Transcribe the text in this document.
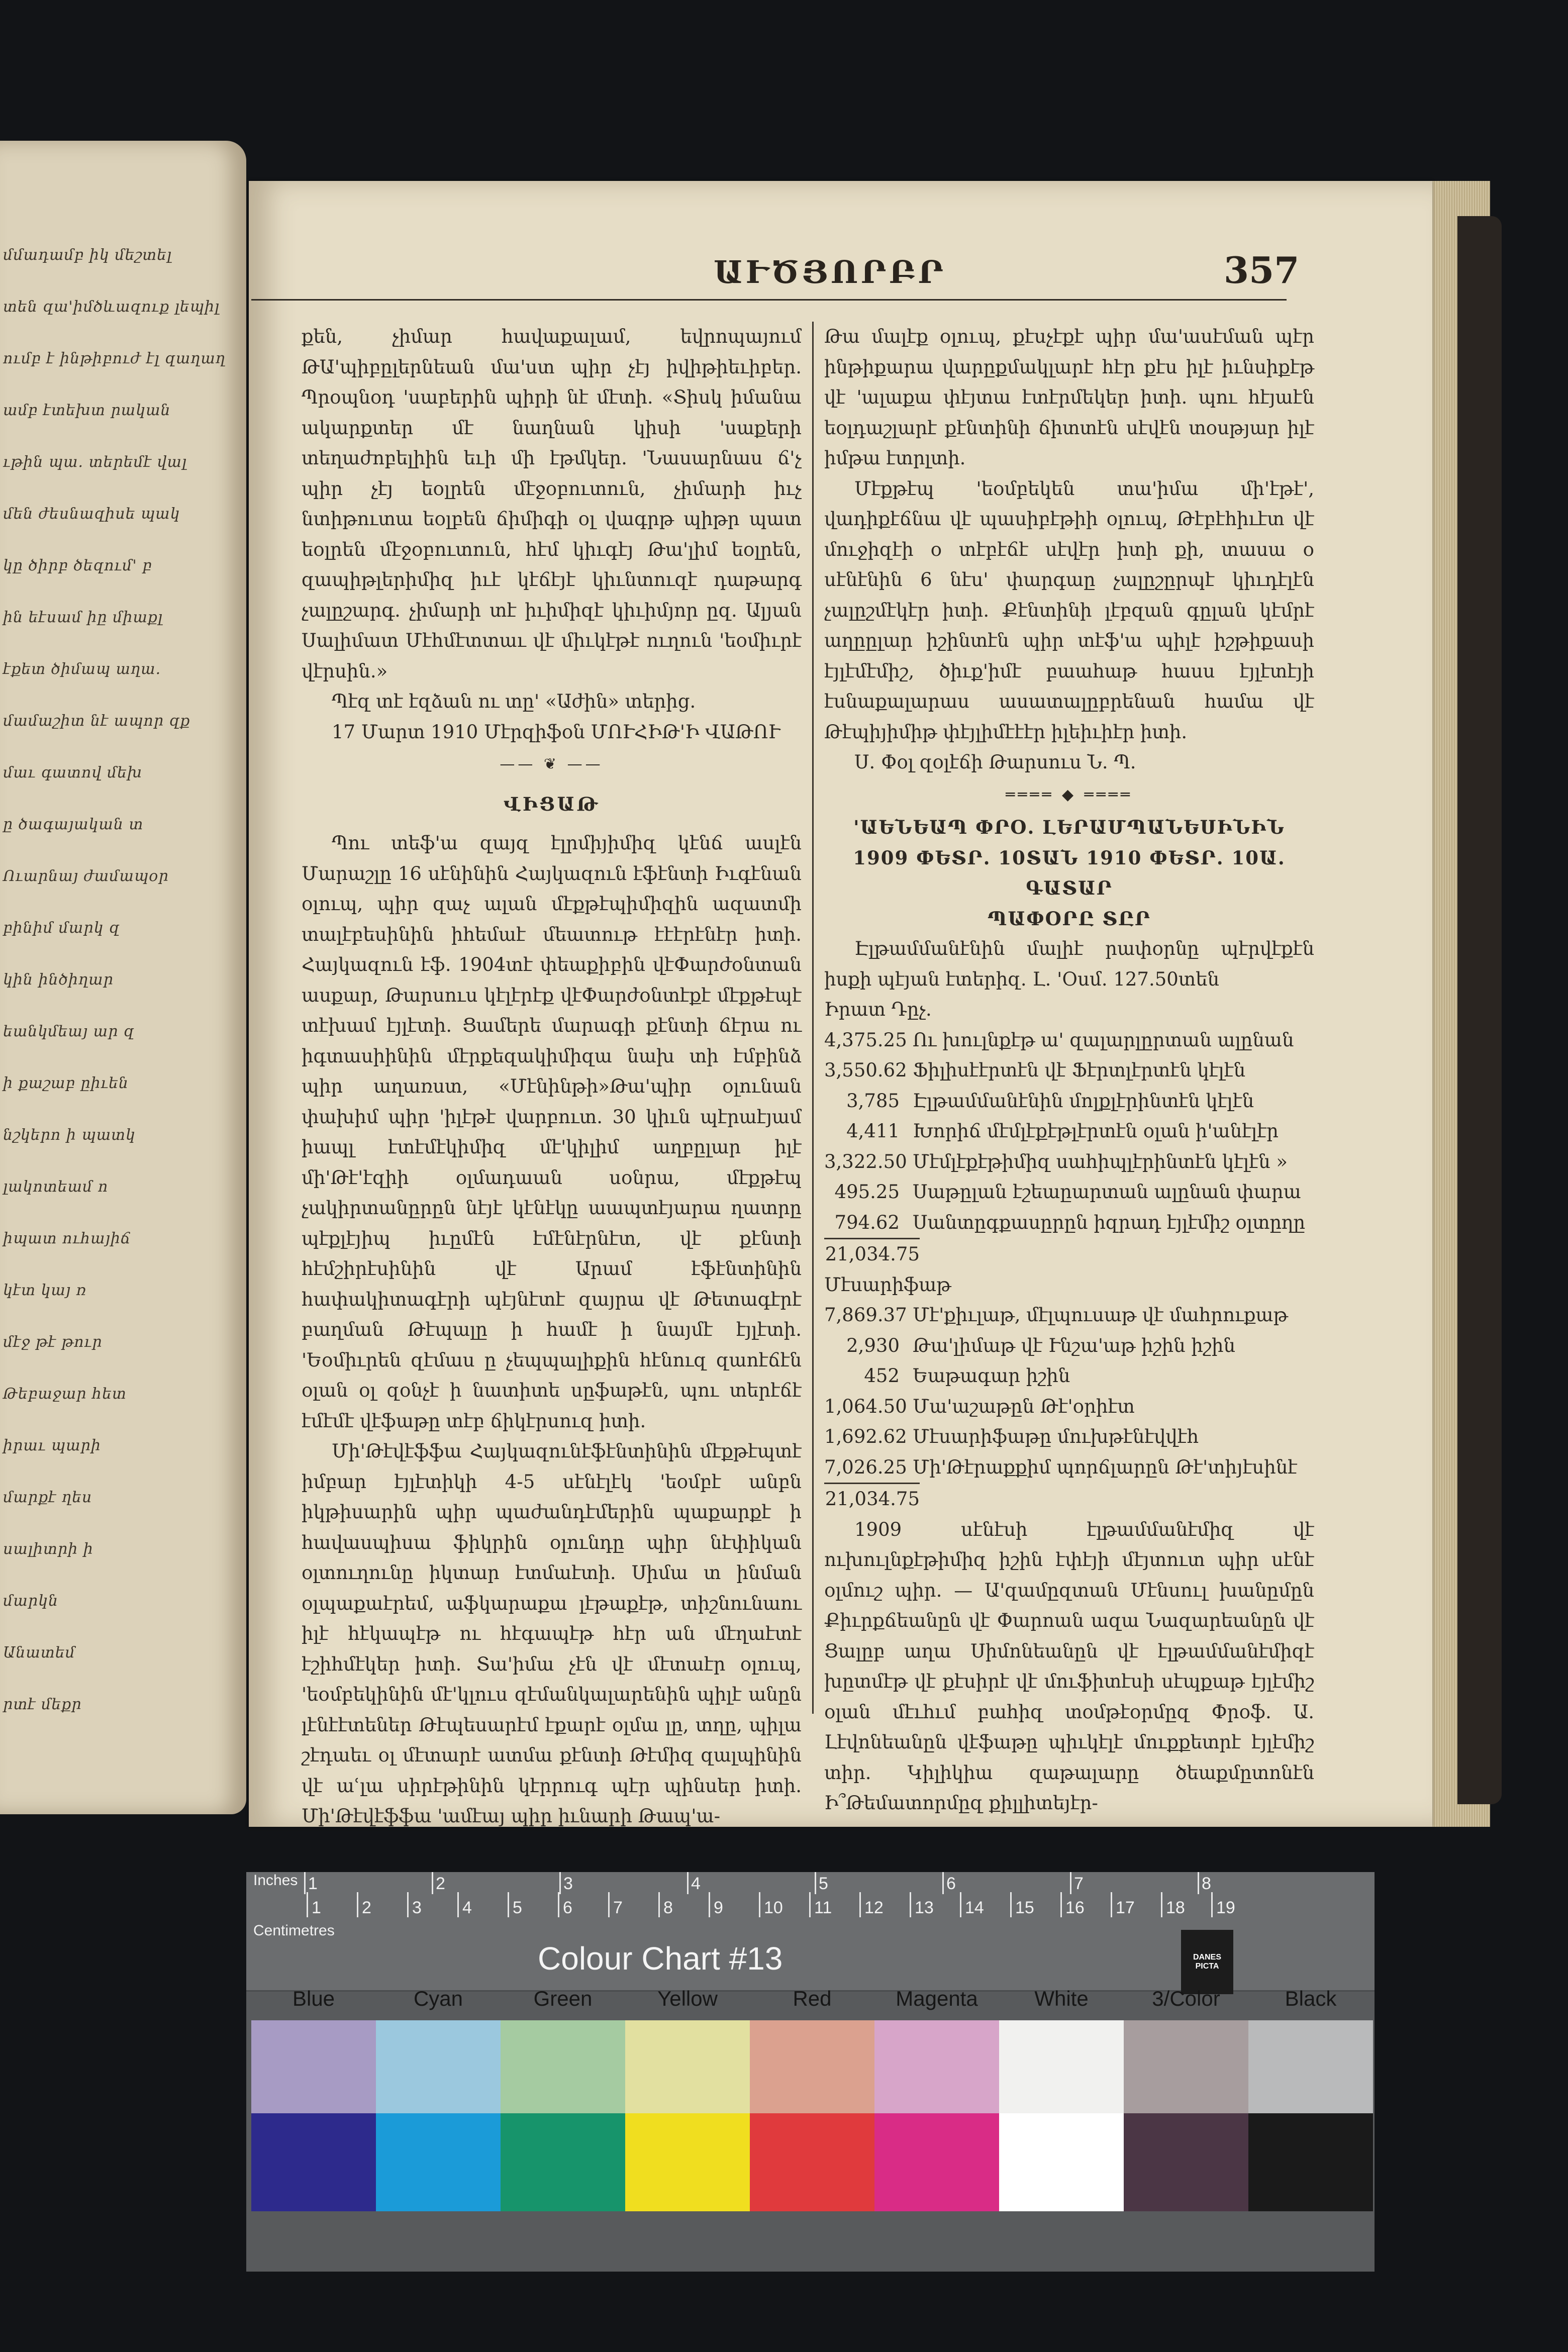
մմադամբ իկ մեշտել
տեն զա'իմծևազուք լեպիլ
ումբ է ինթիբուժ էլ զաղաղ
ամբ էտեխտ րական
ւթին պա. տերեմէ վալ
մեն ժեսնազիսե պակ
կը ծիրբ ծեզում' բ
ին եէսամ իը միաքլ
էքետ ծիմապ աղա.
մամաշիտ նէ ապոր զք
մաւ գատով մեխ
ը ծագայական տ
Ուարնայ ժամապօր
բինիմ մարկ զ
կին ինծիղար
եանկմեայ ար զ
ի քաշաբ ըիւեն
նշկերո ի պատկ
լակոտեամ ո
իպատ ուհայիճ
կէտ կայ ռ
մէջ թէ թուր
Թեբաջար հետ
իրաւ պարի
մարքէ ղես
սալիտրի ի
մարկն
Անատեմ
րտէ մեքր
ԱՒԾՅՈՐԲՐ	357

քեն, չիմար հավաքալամ, եվրոպայում ԹԱ'պիբըլերնեան մա'ստ պիր չէյ իվիթիեւիբեր. Պրօպնօդ 'սաբերին պիրի նէ մէտի. «Տիսկ իմանա ակարքտեր մէ նաղնան կիսի 'սաքերի տեղաժոբելիին եւի մի էթմկեր. 'Նասարնաս ճ'չ պիր չէյ եօլրեն մէջօբուտուն, չիմարի իւչ նտիթուտա եօլբեն ճիմիգի օլ վագրթ պիթր պատ եօլրեն մէջօբուտուն, հէմ կիւգէյ Թա'լիմ եօլրեն, զապիթլերիմիզ իւէ կէճէյէ կիւնտուզէ դաթարգ չալըշարգ. չիմարի տէ իւիմիզէ կիւիմյոր ըզ. Ալյան Սալիմատ Մէհմէտտաւ վէ միւկէթէ ուղուն 'եօմիւրէ վէրսին.»

Պէզ տէ էզձան ու տը' «Աժին» տերից.

17 Մարտ 1910 Մէրզիֆօն ՄՈՒՀԻԹ'Ի ՎԱԹՈՒ

—— ❦ ——
ՎԻՑԱԹ

Պու տեֆ'ա զայզ էլրմիյիմիզ կէնճ ասլէն Մարաշլը 16 սէնինին Հայկազուն էֆէնտի Իւգէնան օլուպ, պիր զաչ ալան մէքթէպիմիզին ազատմի տալէբեսինին իհեմաէ մեատութ էէէրէնէր իտի. Հայկազուն էֆ. 1904տէ փեաքիբին վէՓարժօնտան ասքար, Թարսուս կէլէրէք վէՓարժօնտէքէ մէքթէպէ տէխամ էյլէտի. Ցամերե մարագի քէնտի ճէրա ու իգտասիինին մէրքեզակիմիզա նախ տի էմբինձ պիր աղառստ, «Մէնինթի»Թա'պիր օլունան փախիմ պիր 'իլէթէ վարբուտ. 30 կիւն պէրաէյամ իապլ էտէմէկիմիզ մէ'կիլիմ աղբըլար իլէ մի'Թէ'էզիի օլմադաան սօնրա, մէքթէպ չակիրտանըրըն նէյէ կէնէկը աապտէյարա ղատրը պէքլէյիպ իւըմէն էմէնէրնէտ, վէ քէնտի հէմշիրէսինին վէ Արամ էֆէնտինին հափակիտագէրի պէյնէտէ զայրա վէ Թետագէրէ բաղման Թէպալը ի համէ ի նայմէ էյլէտի. 'Եօմիւրեն զէմաս ը չեպպալիքին հէնուզ զաոէճէն օլան օլ զօնչէ ի նատիտե սըֆաթէն, պու տերէճէ էմէմէ վէֆաթը տէբ ճիկէրսուզ իտի.

Մի'Թէվէֆֆա Հայկազունէֆէնտինին մէքթէպտէ իմբար էյլէտիկի 4-5 սէնէլէկ 'եօմբէ անբն իկթիսարին պիր պաժանդէմերին պաքարքէ ի հավասպիսա ֆիկրին օլունդը պիր նէփիկան օլտուղունը իկտար էտմաէտի. Սիմա տ ինման օլպաքաէրեմ, աֆկարաքա լէթաքէթ, տիշնունաու իլէ հէկապէթ ու հէգապէթ հէր ան մէղաէտէ էշիհմէկեր իտի. Տա'իմա չէն վէ մէտաէր օլուպ, 'եօմբեկինին մէ'կլուս զէմանկալարենին պիլէ անըն լէնէէտեներ Թէպեսարէմ էքարէ օլմա լը, տղը, պիլա շէդաեւ օլ մէտարէ ատմա քէնտի Թէմիզ զալպինին վէ աՙլա սիրէթինին կէրրուգ պէր պինսեր իտի. Մի'Թէվէֆֆա 'ամէայ պիր իւնարի Թապ'ա-

Թա մալէք օլուպ, քէսչէքէ պիր մա'ասէման պէր ինթիքարա վարըքմակլարէ հէր քէս իլէ իւնսիքէթ վէ 'ալաքա փէյտա էտէրմեկեր իտի. պու հէյաէն եօլդաշլարէ քէնտինի ճիտտէն սէվէն տօսթյար իլէ իմթա էտրլտի.

Մէքթէպ 'եօմբեկեն տա'իմա մի'էթէ', վադիքէճնա վէ պասիբէթիի օլուպ, Թէբէհիւէտ վէ մուջիզէի օ տէբէճէ սէվէր իտի քի, տասա օ սէնէնին 6 նէս' փարգաը չալըշըրպէ կիւդէլէն չալըշմէկէր իտի. Քէնտինի լէբզան գըլան կէմրէ աղըըլար իշինտէն պիր տէֆ'ա պիլէ իշթիքասի էյլէմէմիշ, ծիւք'իմէ բաահաթ հասս էյլէտէյի էսնաքալարաս ասատալըբրենան համա վէ Թէպիյիմիթ փէյլիմէէէր իլեիւիէր իտի.

Ս. Փօլ զօլէճի Թարսուս Ն. Պ.

════ ◆ ════
'ԱԵՆԵԱՊ ՓՐՕ. ԼԵՐԱՄՊԱՆԵՍԻՆԻՆ
1909 ՓԵՏՐ. 10ՏԱՆ 1910 ՓԵՏՐ. 10Ա. ԳԱՏԱՐ
ՊԱՓՕՐԸ ՏԸՐ

Էլթամմանէնին մալիէ րափօրնը պէրվէքէն իսքի պէյան էտերիզ. Լ. 'Օսմ. 127.50տեն

Իրատ Դըչ.

4,375.25 Ու խուլնքէթ ա' զալարլըրտան ալընան
3,550.62 Ֆիլիսէէրտէն վէ Ֆէրտլէրտէն կէլէն
3,785 Էլթամմանէնին մոլքլէրինտէն կէլէն
4,411 Խորիճ մէմլէքէթլէրտէն օլան ի'անէլէր
3,322.50 Մէմլէքէթիմիզ սահիպլէրինտէն կէլէն »
495.25 Սաթըլան էշեաըարտան ալընան փարա
794.62 Սանտըգքասըրըն իզրադ էյլէմիշ օլտըղը
21,034.75

Մէսարիֆաթ

7,869.37 Մէ'քիւլաթ, մէլպուսաթ վէ մահրուքաթ
2,930 Թա'լիմաթ վէ Ւնշա'աթ իշին իշին
452 Եաթագար իշին
1,064.50 Մա'աշաթըն Թէ'օրիէտ
1,692.62 Մէսարիֆաթը մուխթէնէվվէհ
7,026.25 Մի'Թէրաքքիմ պորճլարըն Թէ'տիյէսինէ
21,034.75

1909 սէնէսի էլթամմանէմիզ վէ ուխուլնքէթիմիզ իշին էփէյի մէյտուտ պիր սէնէ օլմուշ պիր. — Ա'զամըզտան Մէնսուլ խանըմըն Քիւրքճեանըն վէ Փարոան ազա Նազարեանըն վէ Ցալըբ աղա Սիմոնեանըն վէ էլթամմանէմիզէ խըտմէթ վէ քէսիրէ վէ մուֆիտէսի սէպքաթ էյլէմիշ օլան մէւհւմ բահիզ տօմթէօրմըզ Փրօֆ. Ա. Լէվոնեանըն վէֆաթը պիւկէլէ մուքքետրէ էյլէմիշ տիր. Կիլիկիա զաթալարը ծեաքմըտոնէն Ի՞Թեմատորմըզ քիլլիտեյէր-

Inches
Centimetres
1	2	3	4	5	6	7	8
1 2 3 4 5 6 7 8 9 10 11 12 13 14 15 16 17 18 19
Colour Chart #13	DANES PICTA
Blue	Cyan	Green	Yellow	Red	Magenta	White	3/Color	Black
